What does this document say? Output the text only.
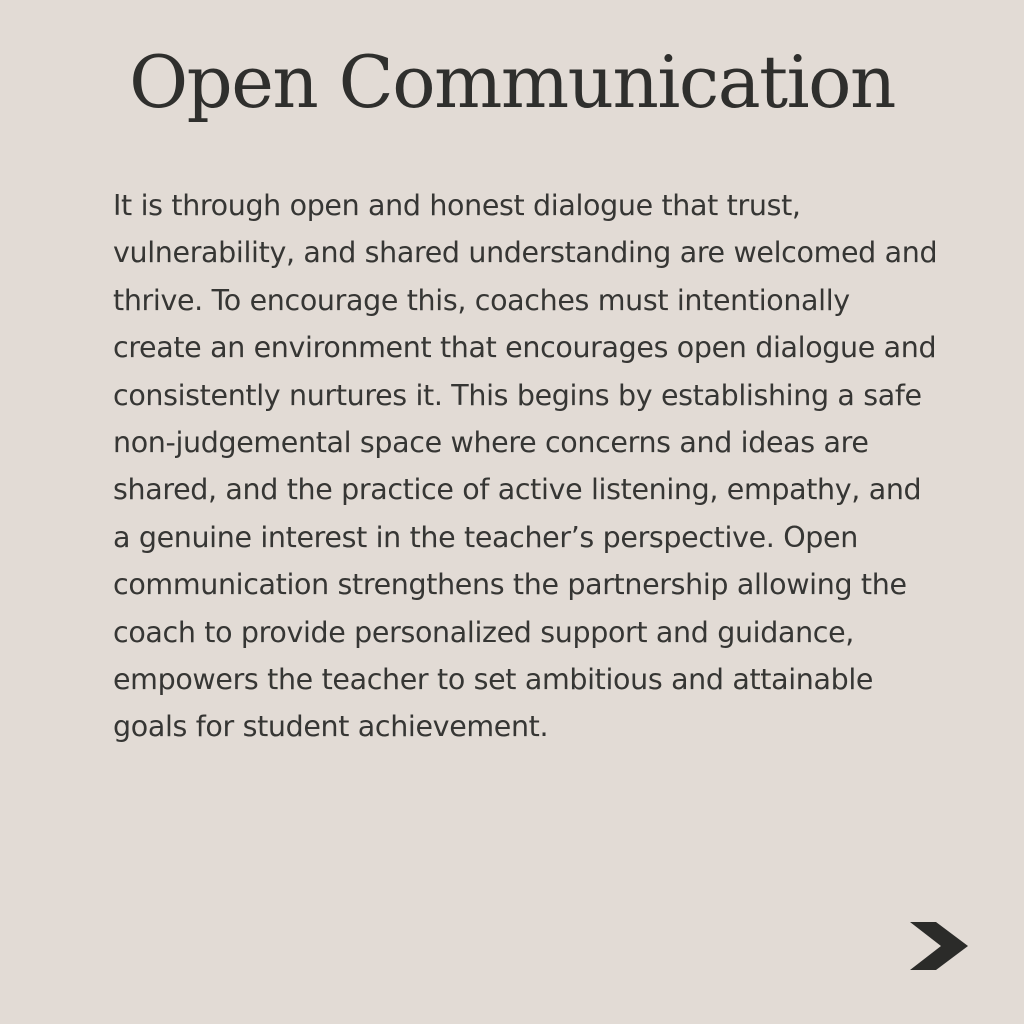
Open Communication

It is through open and honest dialogue that trust, vulnerability, and shared understanding are welcomed and thrive. To encourage this, coaches must intentionally create an environment that encourages open dialogue and consistently nurtures it. This begins by establishing a safe non-judgemental space where concerns and ideas are shared, and the practice of active listening, empathy, and a genuine interest in the teacher’s perspective. Open communication strengthens the partnership allowing the coach to provide personalized support and guidance, empowers the teacher to set ambitious and attainable goals for student achievement.
